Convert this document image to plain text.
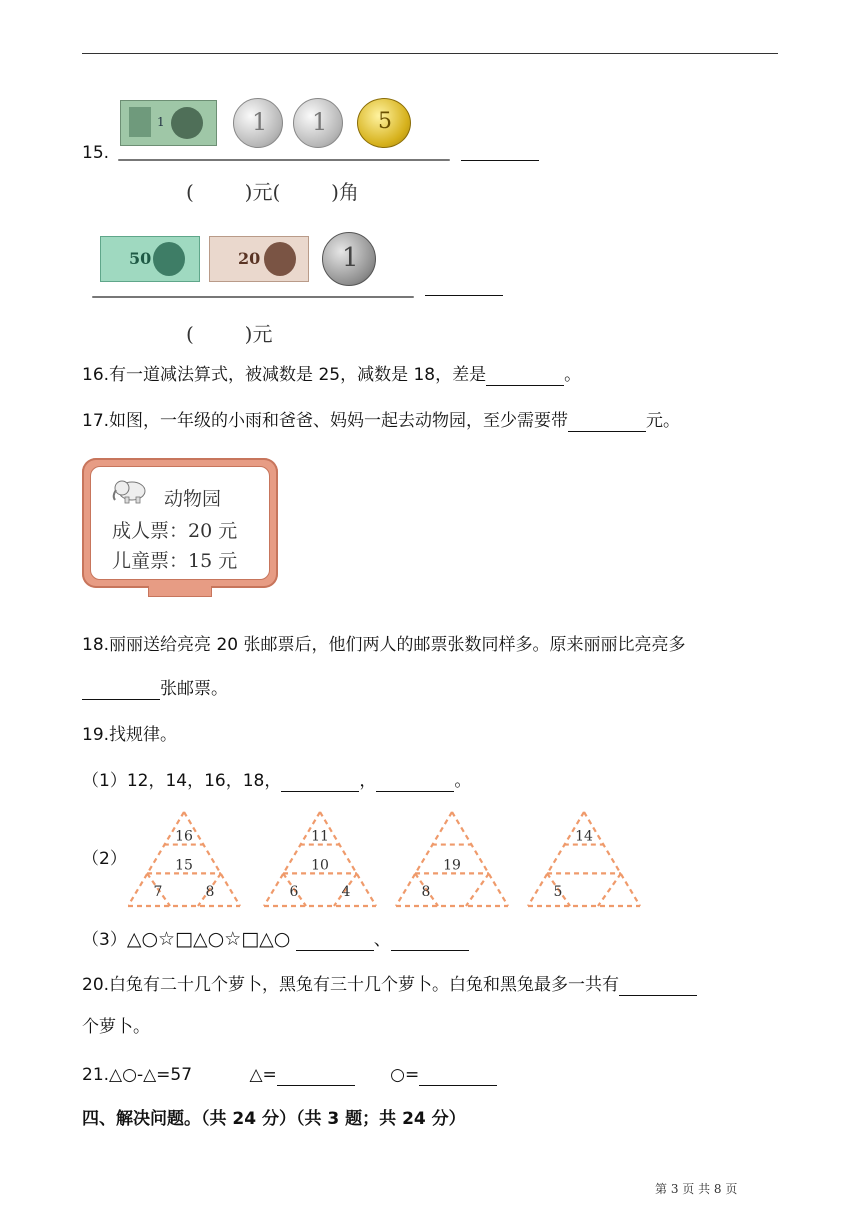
15.
1	1 1 5
(        )元(        )角
50	20	1
(        )元
16.有一道减法算式，被减数是 25，减数是 18，差是	。
17.如图，一年级的小雨和爸爸、妈妈一起去动物园，至少需要带	元。
动物园
成人票：20 元
儿童票：15 元
18.丽丽送给亮亮 20 张邮票后，他们两人的邮票张数同样多。原来丽丽比亮亮多
张邮票。
19.找规律。
（1）12，14，16，18，	，	。
（2）
16
15
7	8
11
10
6	4
19
8
14
5
（3）△○☆□△○☆□△○	、
20.白兔有二十几个萝卜，黑兔有三十几个萝卜。白兔和黑兔最多一共有
个萝卜。
21.△○-△=57	△=	○=
四、解决问题。（共 24 分）（共 3 题；共 24 分）
第 3 页 共 8 页
